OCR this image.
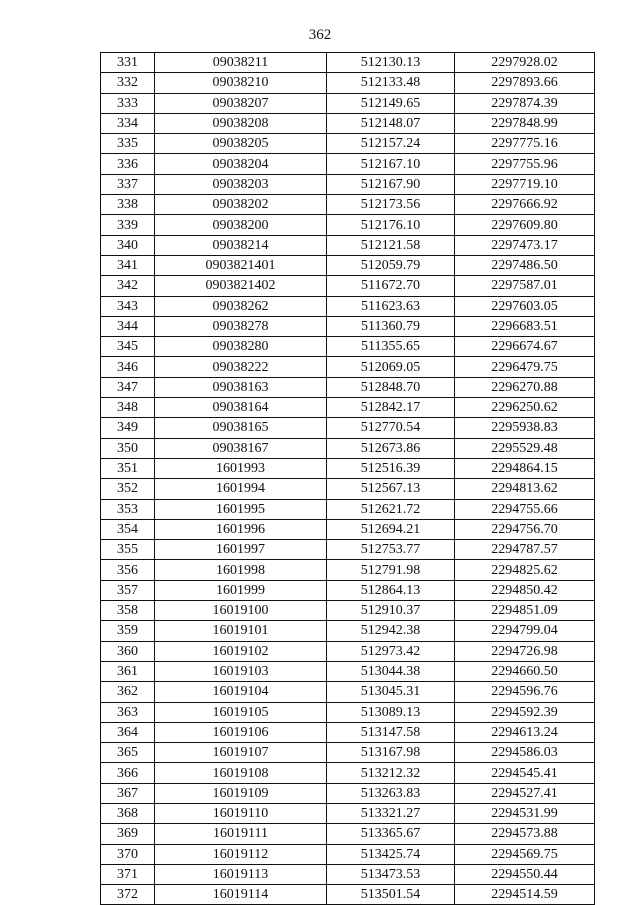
362
331	09038211	512130.13	2297928.02
332	09038210	512133.48	2297893.66
333	09038207	512149.65	2297874.39
334	09038208	512148.07	2297848.99
335	09038205	512157.24	2297775.16
336	09038204	512167.10	2297755.96
337	09038203	512167.90	2297719.10
338	09038202	512173.56	2297666.92
339	09038200	512176.10	2297609.80
340	09038214	512121.58	2297473.17
341	0903821401	512059.79	2297486.50
342	0903821402	511672.70	2297587.01
343	09038262	511623.63	2297603.05
344	09038278	511360.79	2296683.51
345	09038280	511355.65	2296674.67
346	09038222	512069.05	2296479.75
347	09038163	512848.70	2296270.88
348	09038164	512842.17	2296250.62
349	09038165	512770.54	2295938.83
350	09038167	512673.86	2295529.48
351	1601993	512516.39	2294864.15
352	1601994	512567.13	2294813.62
353	1601995	512621.72	2294755.66
354	1601996	512694.21	2294756.70
355	1601997	512753.77	2294787.57
356	1601998	512791.98	2294825.62
357	1601999	512864.13	2294850.42
358	16019100	512910.37	2294851.09
359	16019101	512942.38	2294799.04
360	16019102	512973.42	2294726.98
361	16019103	513044.38	2294660.50
362	16019104	513045.31	2294596.76
363	16019105	513089.13	2294592.39
364	16019106	513147.58	2294613.24
365	16019107	513167.98	2294586.03
366	16019108	513212.32	2294545.41
367	16019109	513263.83	2294527.41
368	16019110	513321.27	2294531.99
369	16019111	513365.67	2294573.88
370	16019112	513425.74	2294569.75
371	16019113	513473.53	2294550.44
372	16019114	513501.54	2294514.59
